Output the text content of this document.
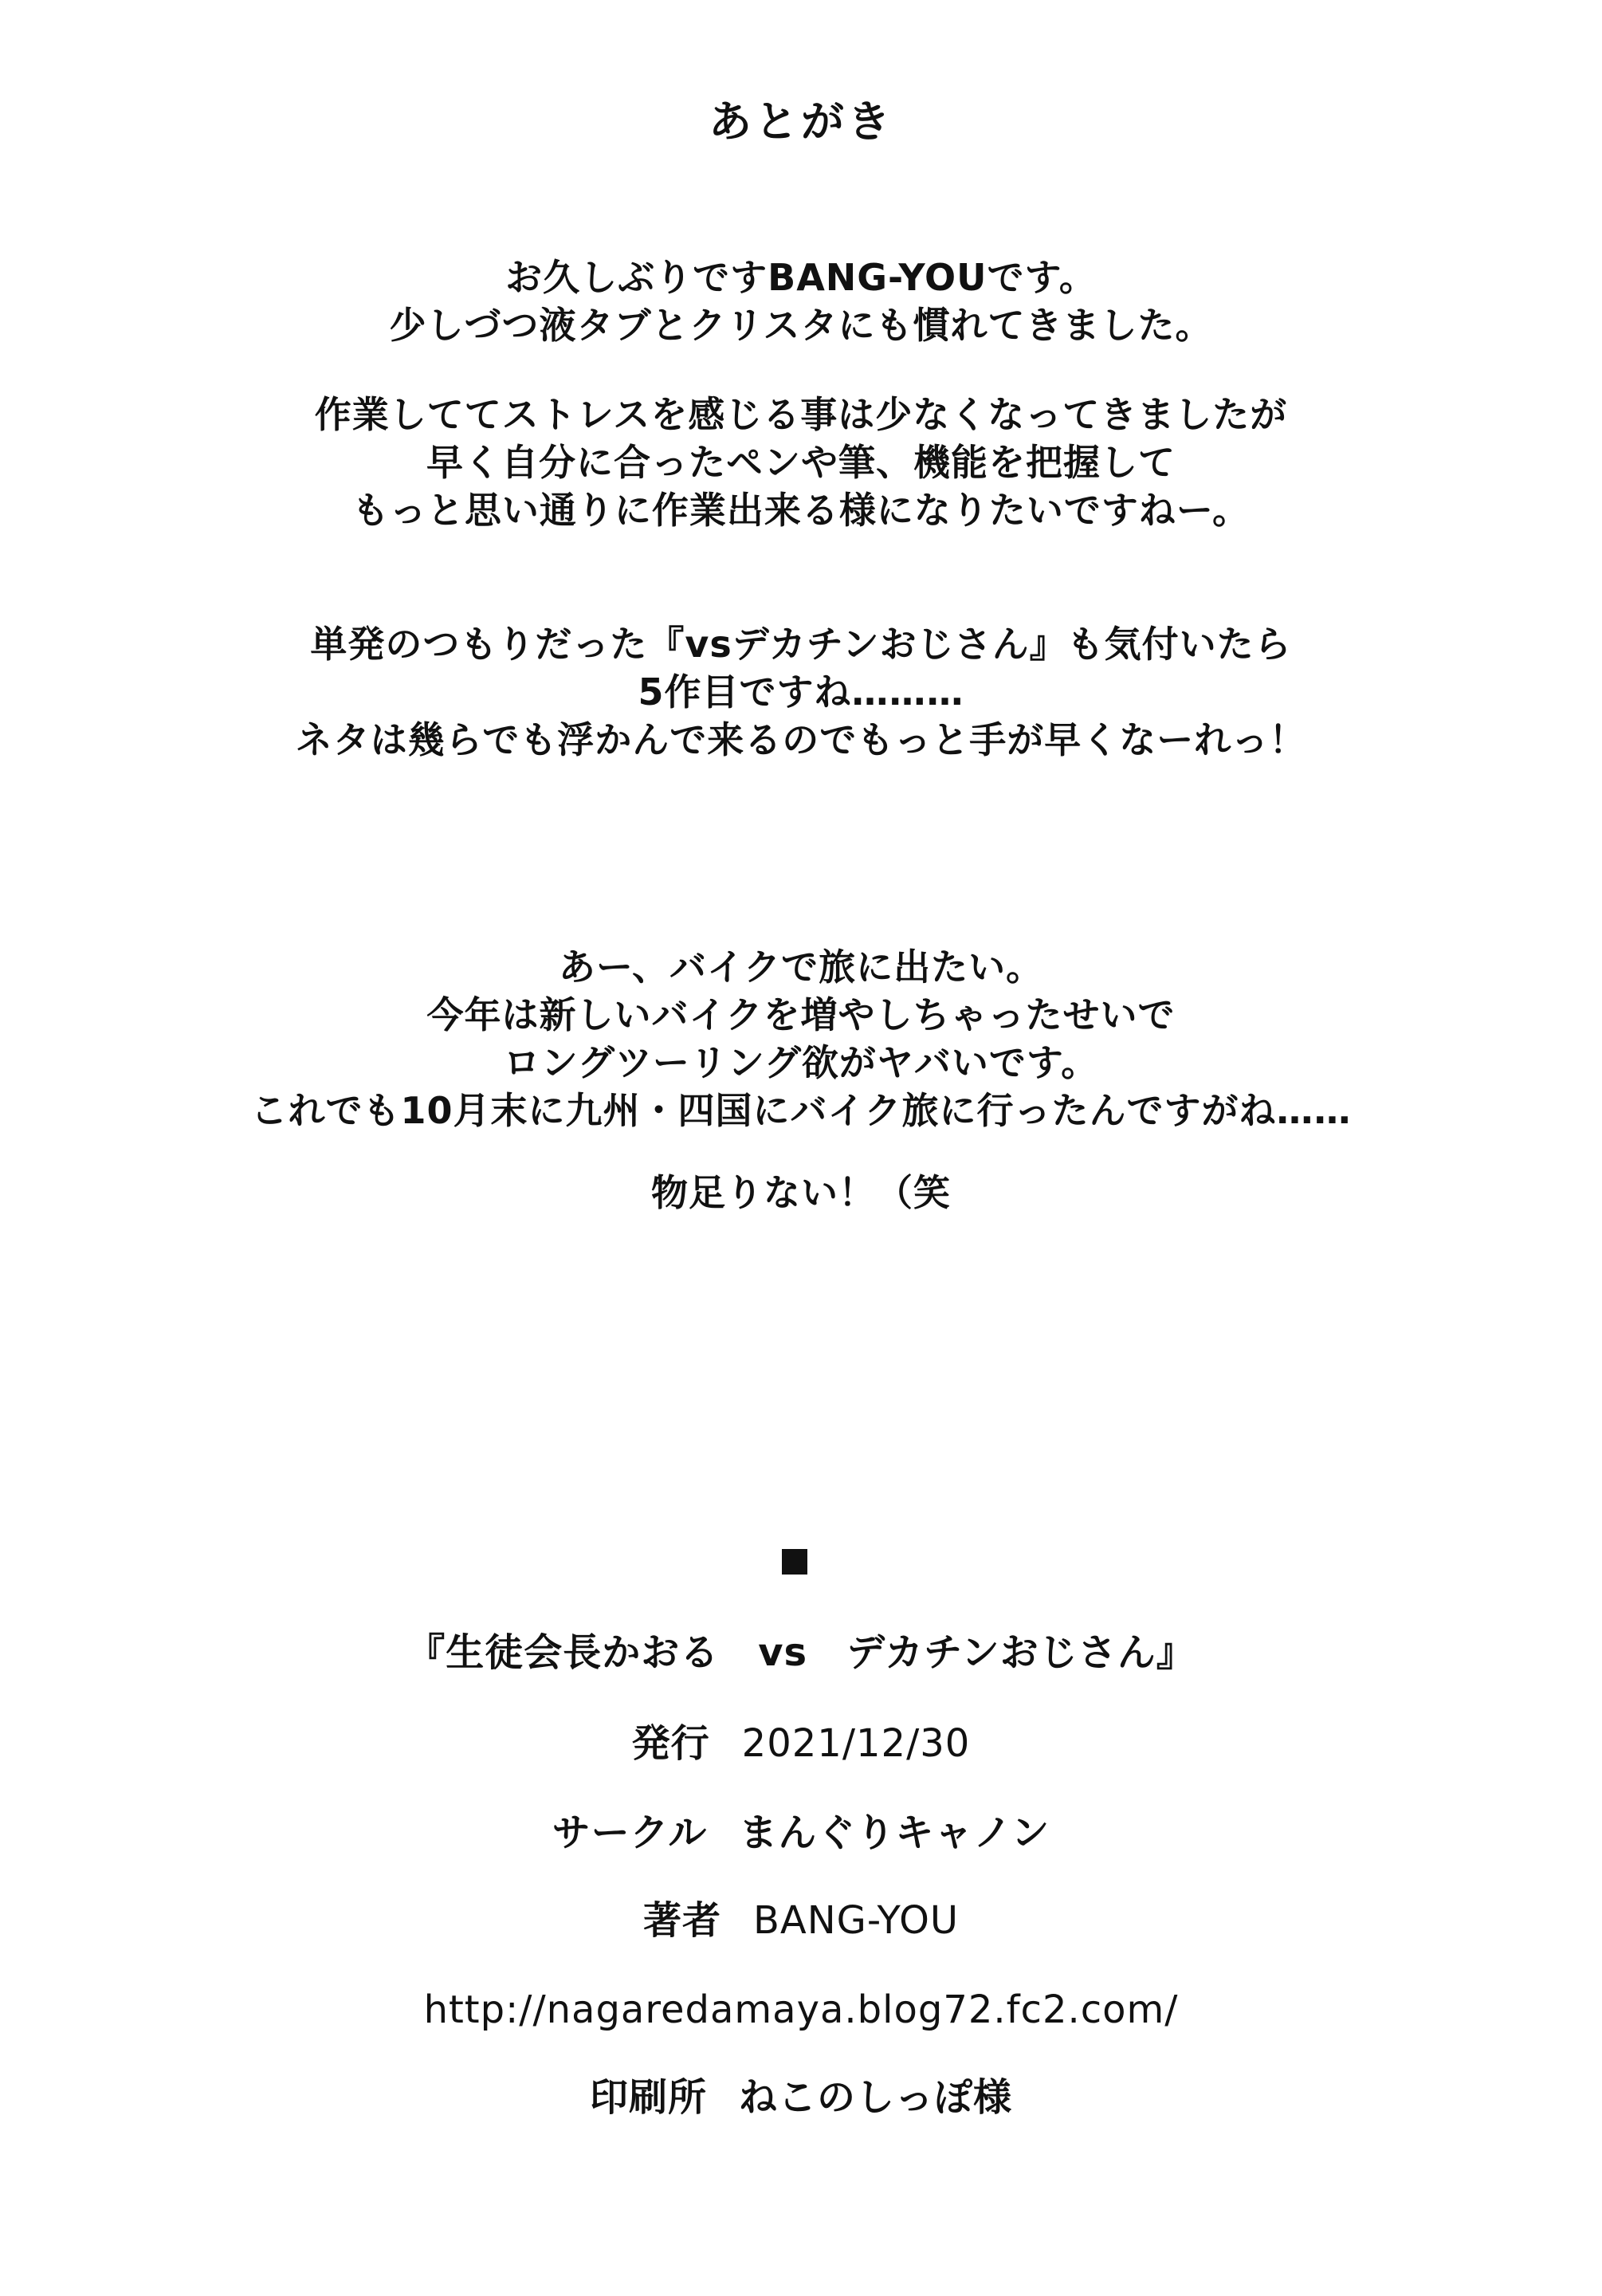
あとがき
お久しぶりですBANG-YOUです。
少しづつ液タブとクリスタにも慣れてきました。
作業しててストレスを感じる事は少なくなってきましたが
早く自分に合ったペンや筆、機能を把握して
もっと思い通りに作業出来る様になりたいですねー。
単発のつもりだった『vsデカチンおじさん』も気付いたら
5作目ですね………
ネタは幾らでも浮かんで来るのでもっと手が早くなーれっ！
あー、バイクで旅に出たい。
今年は新しいバイクを増やしちゃったせいで
ロングツーリング欲がヤバいです。
これでも10月末に九州・四国にバイク旅に行ったんですがね……
物足りない！（笑
『生徒会長かおる　vs　デカチンおじさん』
発行 2021/12/30
サークル まんぐりキャノン
著者 BANG-YOU
http://nagaredamaya.blog72.fc2.com/
印刷所 ねこのしっぽ様
